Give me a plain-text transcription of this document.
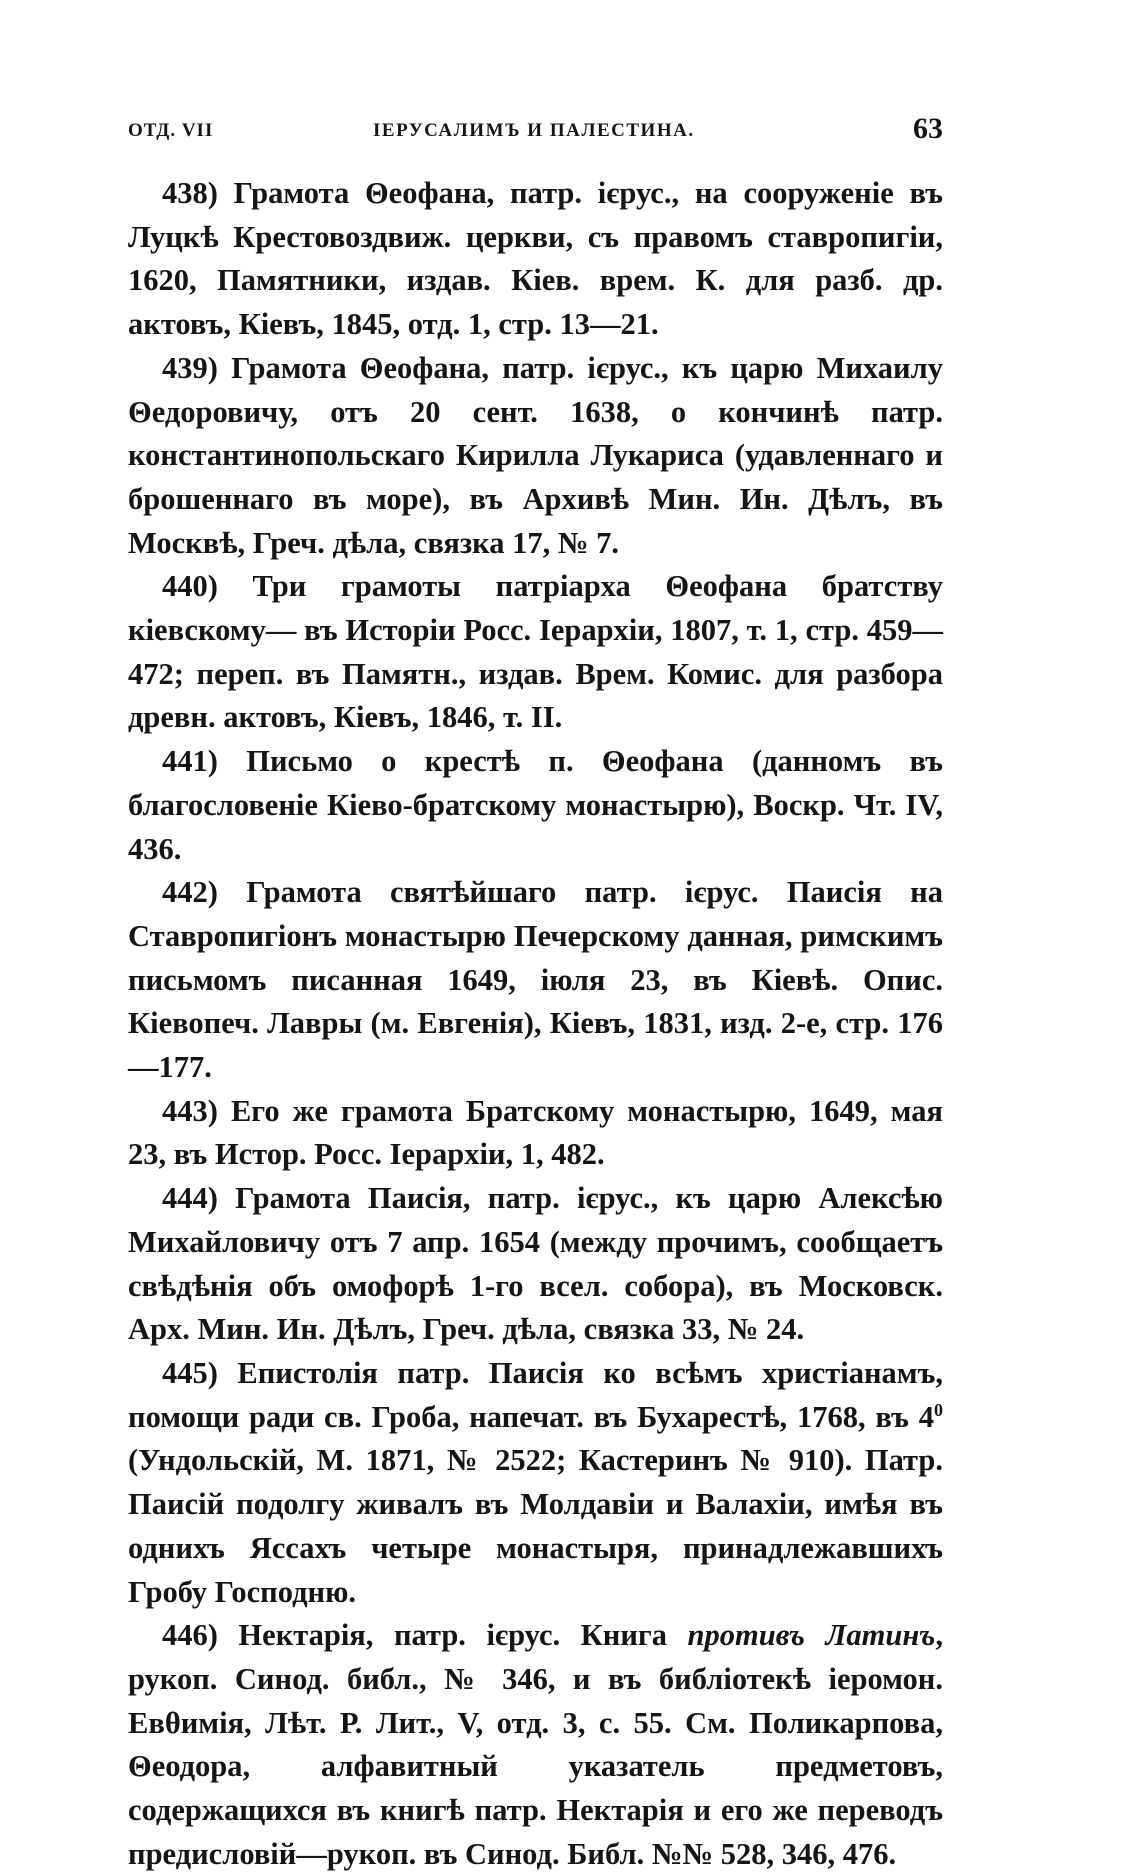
ОТД. VII	ІЕРУСАЛИМЪ И ПАЛЕСТИНА.	63

438) Грамота Θеофана, патр. ієрус., на сооруженіе въ Луцкѣ Крестовоздвиж. церкви, съ правомъ ставропигіи, 1620, Памятники, издав. Кіев. врем. К. для разб. др. актовъ, Кіевъ, 1845, отд. 1, стр. 13—21.

439) Грамота Θеофана, патр. ієрус., къ царю Михаилу Θедоровичу, отъ 20 сент. 1638, о кончинѣ патр. константинопольскаго Кирилла Лукариса (удавленнаго и брошеннаго въ море), въ Архивѣ Мин. Ин. Дѣлъ, въ Москвѣ, Греч. дѣла, связка 17, № 7.

440) Три грамоты патріарха Θеофана братству кіевскому— въ Исторіи Росс. Іерархіи, 1807, т. 1, стр. 459—472; переп. въ Памятн., издав. Врем. Комис. для разбора древн. актовъ, Кіевъ, 1846, т. II.

441) Письмо о крестѣ п. Θеофана (данномъ въ благословеніе Кіево-братскому монастырю), Воскр. Чт. IV, 436.

442) Грамота святѣйшаго патр. ієрус. Паисія на Ставропигіонъ монастырю Печерскому данная, римскимъ письмомъ писанная 1649, іюля 23, въ Кіевѣ. Опис. Кіевопеч. Лавры (м. Евгенія), Кіевъ, 1831, изд. 2-е, стр. 176—177.

443) Его же грамота Братскому монастырю, 1649, мая 23, въ Истор. Росс. Іерархіи, 1, 482.

444) Грамота Паисія, патр. ієрус., къ царю Алексѣю Михайловичу отъ 7 апр. 1654 (между прочимъ, сообщаетъ свѣдѣнія объ омофорѣ 1-го всел. собора), въ Московск. Арх. Мин. Ин. Дѣлъ, Греч. дѣла, связка 33, № 24.

445) Епистолія патр. Паисія ко всѣмъ христіанамъ, помощи ради св. Гроба, напечат. въ Бухарестѣ, 1768, въ $4^0$ (Ундольскій, М. 1871, № 2522; Кастеринъ № 910). Патр. Паисій подолгу живалъ въ Молдавіи и Валахіи, имѣя въ однихъ Яссахъ четыре монастыря, принадлежавшихъ Гробу Господню.

446) Нектарія, патр. ієрус. Книга противъ Латинъ, рукоп. Синод. библ., № 346, и въ библіотекѣ іеромон. Евθимія, Лѣт. Р. Лит., V, отд. 3, с. 55. См. Поликарпова, Θеодора, алфавитный указатель предметовъ, содержащихся въ книгѣ патр. Нектарія и его же переводъ предисловій—рукоп. въ Синод. Библ. №№ 528, 346, 476.
